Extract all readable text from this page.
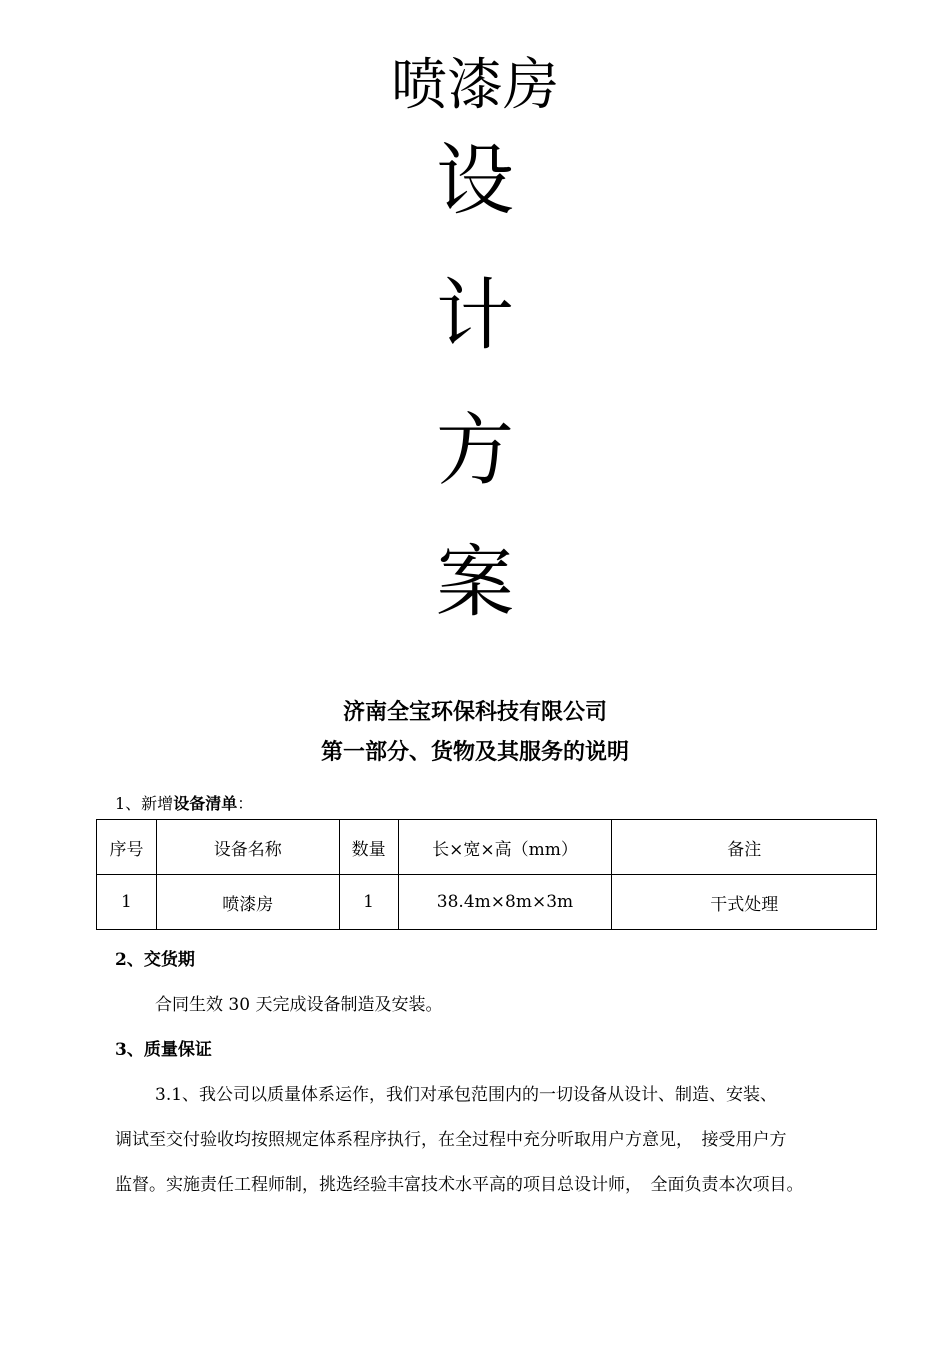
喷漆房
设
计
方
案
济南全宝环保科技有限公司
第一部分、货物及其服务的说明
1、新增设备清单：
序号	设备名称	数量	长×宽×高（mm）	备注
1	喷漆房	1	38.4m×8m×3m	干式处理
2、交货期
合同生效 30 天完成设备制造及安装。
3、质量保证
3.1、我公司以质量体系运作，我们对承包范围内的一切设备从设计、制造、安装、
调试至交付验收均按照规定体系程序执行，在全过程中充分听取用户方意见，　接受用户方
监督。实施责任工程师制，挑选经验丰富技术水平高的项目总设计师，　全面负责本次项目。
